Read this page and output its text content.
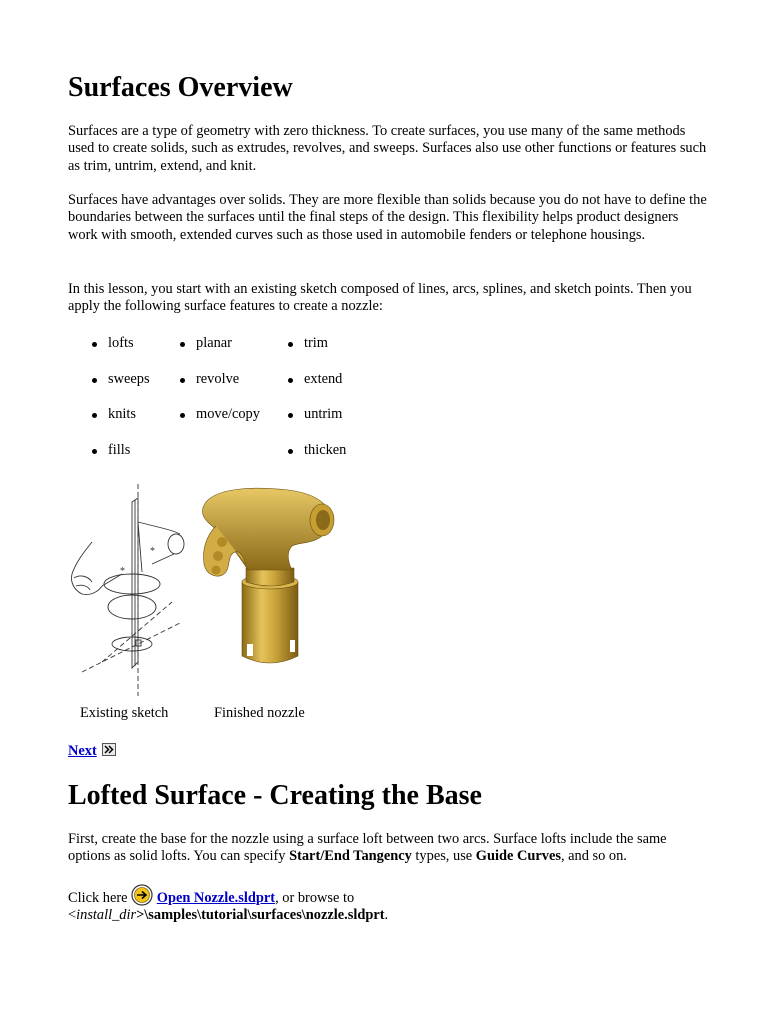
Surfaces Overview

Surfaces are a type of geometry with zero thickness. To create surfaces, you use many of the same methods used to create solids, such as extrudes, revolves, and sweeps. Surfaces also use other functions or features such as trim, untrim, extend, and knit.

Surfaces have advantages over solids. They are more flexible than solids because you do not have to define the boundaries between the surfaces until the final steps of the design. This flexibility helps product designers work with smooth, extended curves such as those used in automobile fenders or telephone housings.

In this lesson, you start with an existing sketch composed of lines, arcs, splines, and sketch points. Then you apply the following surface features to create a nozzle:

lofts
sweeps
knits
fills
planar
revolve
move/copy
trim
extend
untrim
thicken
*
*
Existing sketch	Finished nozzle
Next
Lofted Surface - Creating the Base

First, create the base for the nozzle using a surface loft between two arcs. Surface lofts include the same options as solid lofts. You can specify Start/End Tangency types, use Guide Curves, and so on.

Click here  Open Nozzle.sldprt, or browse to
<install_dir>\samples\tutorial\surfaces\nozzle.sldprt.
